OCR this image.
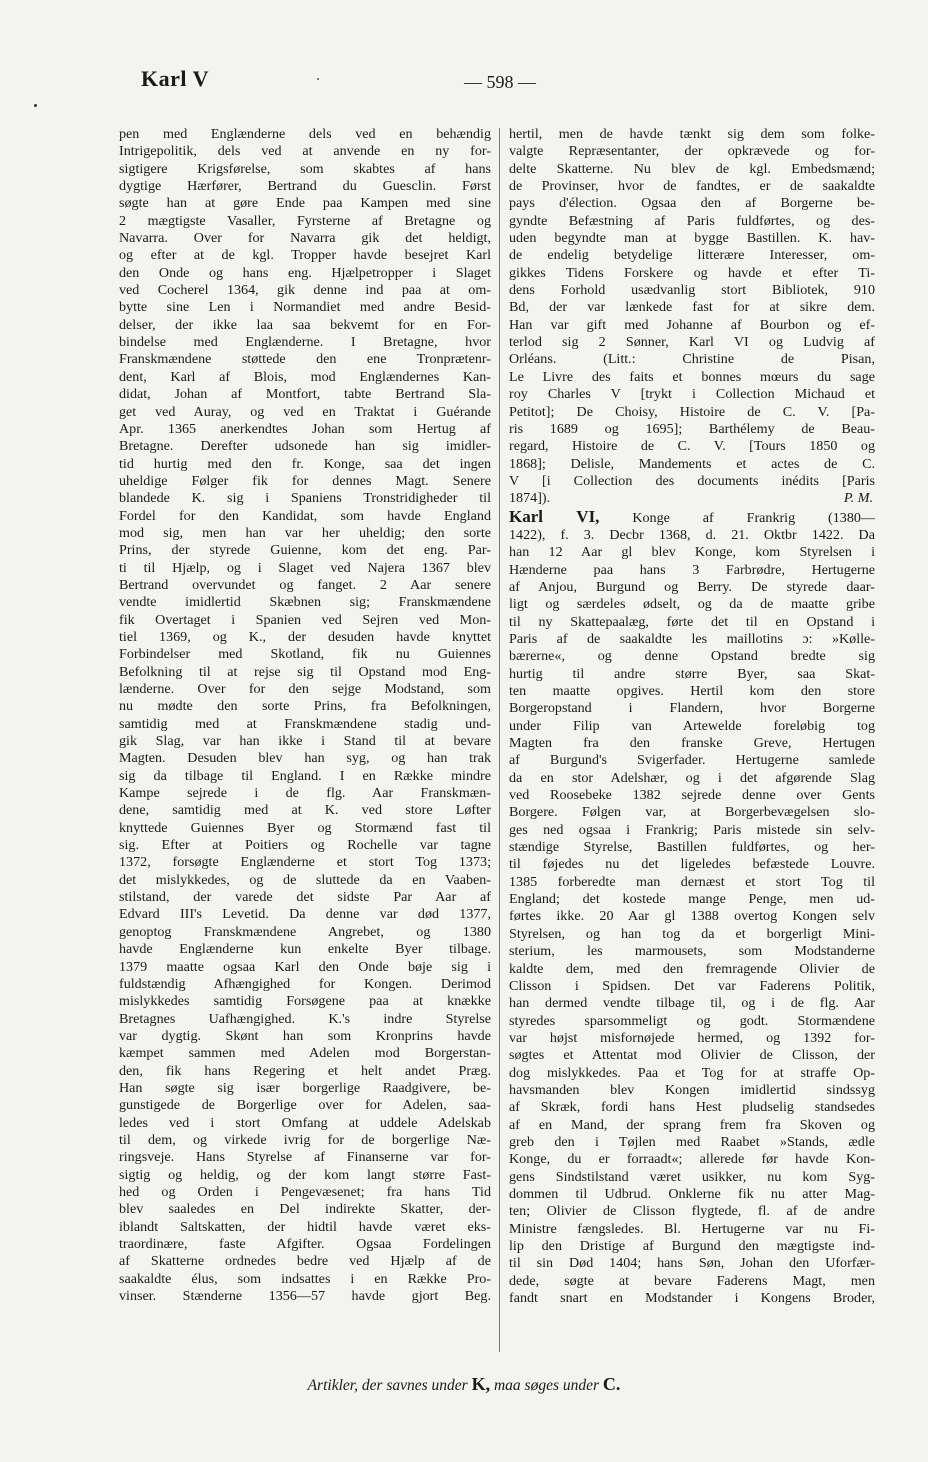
Karl V	— 598 —
pen med Englænderne dels ved en behændig
Intrigepolitik, dels ved at anvende en ny for-
sigtigere Krigsførelse, som skabtes af hans
dygtige Hærfører, Bertrand du Guesclin. Først
søgte han at gøre Ende paa Kampen med sine
2 mægtigste Vasaller, Fyrsterne af Bretagne og
Navarra. Over for Navarra gik det heldigt,
og efter at de kgl. Tropper havde besejret Karl
den Onde og hans eng. Hjælpetropper i Slaget
ved Cocherel 1364, gik denne ind paa at om-
bytte sine Len i Normandiet med andre Besid-
delser, der ikke laa saa bekvemt for en For-
bindelse med Englænderne. I Bretagne, hvor
Franskmændene støttede den ene Tronprætenr-
dent, Karl af Blois, mod Englændernes Kan-
didat, Johan af Montfort, tabte Bertrand Sla-
get ved Auray, og ved en Traktat i Guérande
Apr. 1365 anerkendtes Johan som Hertug af
Bretagne. Derefter udsonede han sig imidler-
tid hurtig med den fr. Konge, saa det ingen
uheldige Følger fik for dennes Magt. Senere
blandede K. sig i Spaniens Tronstridigheder til
Fordel for den Kandidat, som havde England
mod sig, men han var her uheldig; den sorte
Prins, der styrede Guienne, kom det eng. Par-
ti til Hjælp, og i Slaget ved Najera 1367 blev
Bertrand overvundet og fanget. 2 Aar senere
vendte imidlertid Skæbnen sig; Franskmændene
fik Overtaget i Spanien ved Sejren ved Mon-
tiel 1369, og K., der desuden havde knyttet
Forbindelser med Skotland, fik nu Guiennes
Befolkning til at rejse sig til Opstand mod Eng-
lænderne. Over for den sejge Modstand, som
nu mødte den sorte Prins, fra Befolkningen,
samtidig med at Franskmændene stadig und-
gik Slag, var han ikke i Stand til at bevare
Magten. Desuden blev han syg, og han trak
sig da tilbage til England. I en Række mindre
Kampe sejrede i de flg. Aar Franskmæn-
dene, samtidig med at K. ved store Løfter
knyttede Guiennes Byer og Stormænd fast til
sig. Efter at Poitiers og Rochelle var tagne
1372, forsøgte Englænderne et stort Tog 1373;
det mislykkedes, og de sluttede da en Vaaben-
stilstand, der varede det sidste Par Aar af
Edvard III's Levetid. Da denne var død 1377,
genoptog Franskmændene Angrebet, og 1380
havde Englænderne kun enkelte Byer tilbage.
1379 maatte ogsaa Karl den Onde bøje sig i
fuldstændig Afhængighed for Kongen. Derimod
mislykkedes samtidig Forsøgene paa at knække
Bretagnes Uafhængighed. K.'s indre Styrelse
var dygtig. Skønt han som Kronprins havde
kæmpet sammen med Adelen mod Borgerstan-
den, fik hans Regering et helt andet Præg.
Han søgte sig især borgerlige Raadgivere, be-
gunstigede de Borgerlige over for Adelen, saa-
ledes ved i stort Omfang at uddele Adelskab
til dem, og virkede ivrig for de borgerlige Næ-
ringsveje. Hans Styrelse af Finanserne var for-
sigtig og heldig, og der kom langt større Fast-
hed og Orden i Pengevæsenet; fra hans Tid
blev saaledes en Del indirekte Skatter, der-
iblandt Saltskatten, der hidtil havde været eks-
traordinære, faste Afgifter. Ogsaa Fordelingen
af Skatterne ordnedes bedre ved Hjælp af de
saakaldte élus, som indsattes i en Række Pro-
vinser. Stænderne 1356—57 havde gjort Beg.
hertil, men de havde tænkt sig dem som folke-
valgte Repræsentanter, der opkrævede og for-
delte Skatterne. Nu blev de kgl. Embedsmænd;
de Provinser, hvor de fandtes, er de saakaldte
pays d'élection. Ogsaa den af Borgerne be-
gyndte Befæstning af Paris fuldførtes, og des-
uden begyndte man at bygge Bastillen. K. hav-
de endelig betydelige litterære Interesser, om-
gikkes Tidens Forskere og havde et efter Ti-
dens Forhold usædvanlig stort Bibliotek, 910
Bd, der var lænkede fast for at sikre dem.
Han var gift med Johanne af Bourbon og ef-
terlod sig 2 Sønner, Karl VI og Ludvig af
Orléans. (Litt.: Christine de Pisan,
Le Livre des faits et bonnes mœurs du sage
roy Charles V [trykt i Collection Michaud et
Petitot]; De Choisy, Histoire de C. V. [Pa-
ris 1689 og 1695]; Barthélemy de Beau-
regard, Histoire de C. V. [Tours 1850 og
1868]; Delisle, Mandements et actes de C.
V [i Collection des documents inédits [Paris
1874]).	P. M.
Karl VI, Konge af Frankrig (1380—
1422), f. 3. Decbr 1368, d. 21. Oktbr 1422. Da
han 12 Aar gl blev Konge, kom Styrelsen i
Hænderne paa hans 3 Farbrødre, Hertugerne
af Anjou, Burgund og Berry. De styrede daar-
ligt og særdeles ødselt, og da de maatte gribe
til ny Skattepaalæg, førte det til en Opstand i
Paris af de saakaldte les maillotins ɔ: »Kølle-
bærerne«, og denne Opstand bredte sig
hurtig til andre større Byer, saa Skat-
ten maatte opgives. Hertil kom den store
Borgeropstand i Flandern, hvor Borgerne
under Filip van Artewelde foreløbig tog
Magten fra den franske Greve, Hertugen
af Burgund's Svigerfader. Hertugerne samlede
da en stor Adelshær, og i det afgørende Slag
ved Roosebeke 1382 sejrede denne over Gents
Borgere. Følgen var, at Borgerbevægelsen slo-
ges ned ogsaa i Frankrig; Paris mistede sin selv-
stændige Styrelse, Bastillen fuldførtes, og her-
til føjedes nu det ligeledes befæstede Louvre.
1385 forberedte man dernæst et stort Tog til
England; det kostede mange Penge, men ud-
førtes ikke. 20 Aar gl 1388 overtog Kongen selv
Styrelsen, og han tog da et borgerligt Mini-
sterium, les marmousets, som Modstanderne
kaldte dem, med den fremragende Olivier de
Clisson i Spidsen. Det var Faderens Politik,
han dermed vendte tilbage til, og i de flg. Aar
styredes sparsommeligt og godt. Stormændene
var højst misfornøjede hermed, og 1392 for-
søgtes et Attentat mod Olivier de Clisson, der
dog mislykkedes. Paa et Tog for at straffe Op-
havsmanden blev Kongen imidlertid sindssyg
af Skræk, fordi hans Hest pludselig standsedes
af en Mand, der sprang frem fra Skoven og
greb den i Tøjlen med Raabet »Stands, ædle
Konge, du er forraadt«; allerede før havde Kon-
gens Sindstilstand været usikker, nu kom Syg-
dommen til Udbrud. Onklerne fik nu atter Mag-
ten; Olivier de Clisson flygtede, fl. af de andre
Ministre fængsledes. Bl. Hertugerne var nu Fi-
lip den Dristige af Burgund den mægtigste ind-
til sin Død 1404; hans Søn, Johan den Uforfær-
dede, søgte at bevare Faderens Magt, men
fandt snart en Modstander i Kongens Broder,
Artikler, der savnes under K, maa søges under C.
